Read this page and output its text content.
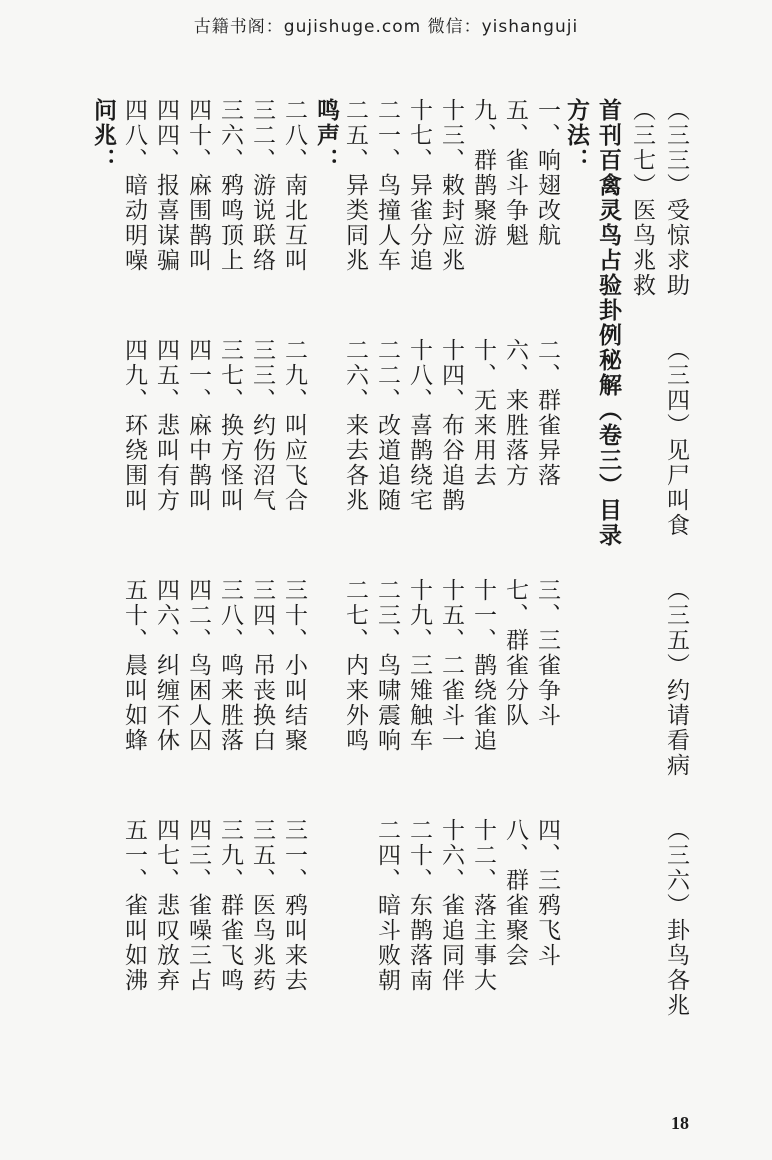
古籍书阁：gujishuge.com 微信：yishanguji
（三三）受惊求助
（三四）见尸叫食
（三五）约请看病
（三六）卦鸟各兆
（三七）医鸟兆救
首刊百禽灵鸟占验卦例秘解（卷三）目录
方法：
一、响翅改航
二、群雀异落
三、三雀争斗
四、三鸦飞斗
五、雀斗争魁
六、来胜落方
七、群雀分队
八、群雀聚会
九、群鹊聚游
十、无来用去
十一、鹊绕雀追
十二、落主事大
十三、敕封应兆
十四、布谷追鹊
十五、二雀斗一
十六、雀追同伴
十七、异雀分追
十八、喜鹊绕宅
十九、三雉触车
二十、东鹊落南
二一、鸟撞人车
二二、改道追随
二三、鸟啸震响
二四、暗斗败朝
二五、异类同兆
二六、来去各兆
二七、内来外鸣
鸣声：
二八、南北互叫
二九、叫应飞合
三十、小叫结聚
三一、鸦叫来去
三二、游说联络
三三、约伤沼气
三四、吊丧换白
三五、医鸟兆药
三六、鸦鸣顶上
三七、换方怪叫
三八、鸣来胜落
三九、群雀飞鸣
四十、麻围鹊叫
四一、麻中鹊叫
四二、鸟困人囚
四三、雀噪三占
四四、报喜谋骗
四五、悲叫有方
四六、纠缠不休
四七、悲叹放弃
四八、暗动明噪
四九、环绕围叫
五十、晨叫如蜂
五一、雀叫如沸
问兆：
18
